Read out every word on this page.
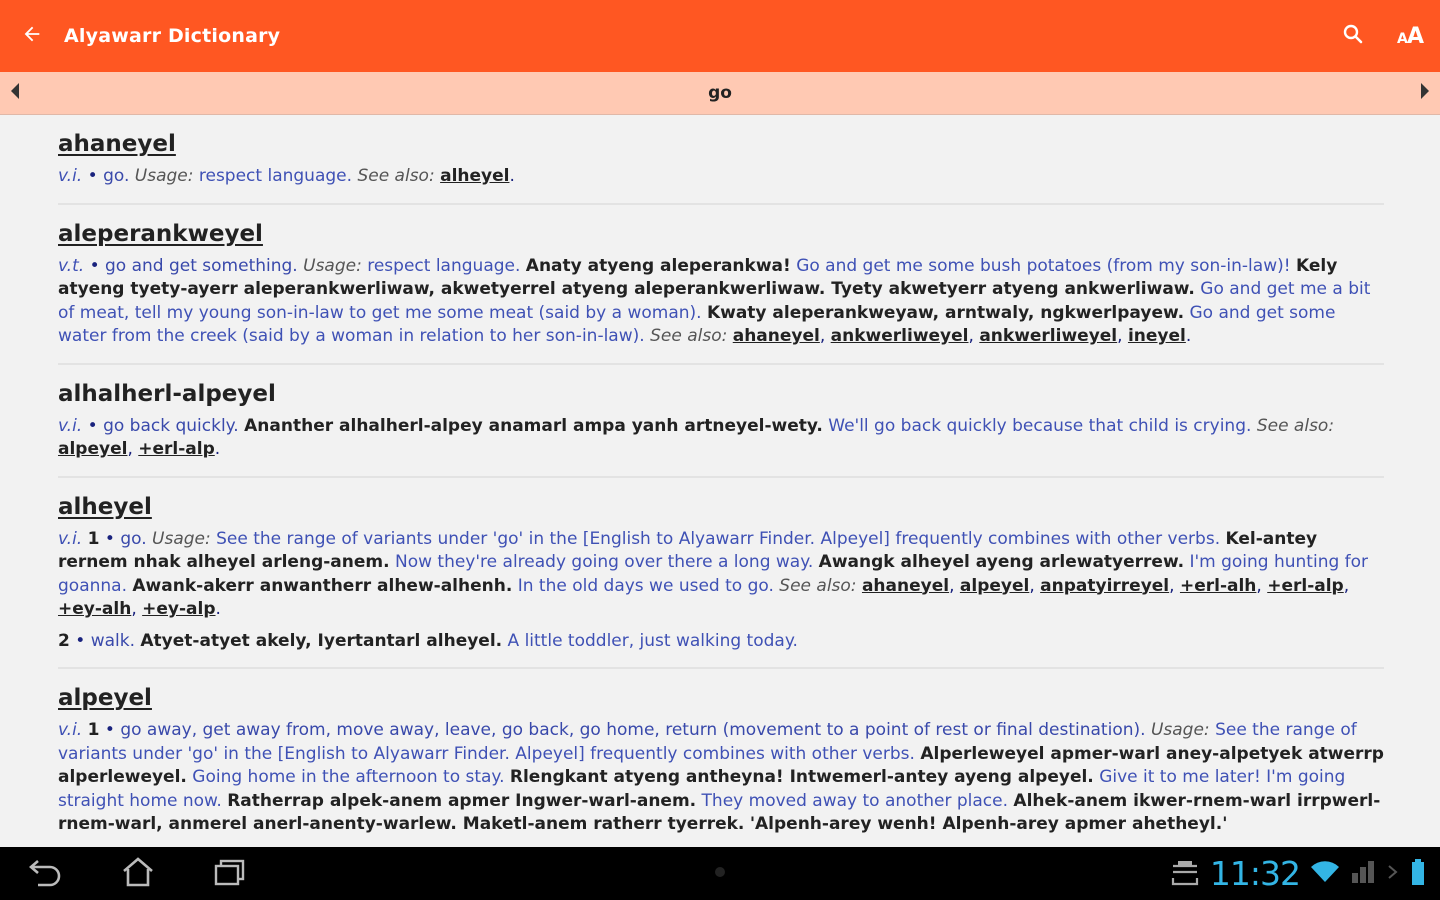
Alyawarr Dictionary	A A
go
ahaneyel

v.i. • go. Usage: respect language. See also: alheyel.

aleperankweyel

v.t. • go and get something. Usage: respect language. Anaty atyeng aleperankwa! Go and get me some bush potatoes (from my son-in-law)! Kely atyeng tyety-ayerr aleperankwerliwaw, akwetyerrel atyeng aleperankwerliwaw. Tyety akwetyerr atyeng ankwerliwaw. Go and get me a bit of meat, tell my young son-in-law to get me some meat (said by a woman). Kwaty aleperankweyaw, arntwaly, ngkwerlpayew. Go and get some water from the creek (said by a woman in relation to her son-in-law). See also: ahaneyel, ankwerliweyel, ankwerliweyel, ineyel.

alhalherl-alpeyel

v.i. • go back quickly. Ananther alhalherl-alpey anamarl ampa yanh artneyel-wety. We'll go back quickly because that child is crying. See also: alpeyel, +erl-alp.

alheyel

v.i. 1 • go. Usage: See the range of variants under 'go' in the [English to Alyawarr Finder. Alpeyel] frequently combines with other verbs. Kel-antey rernem nhak alheyel arleng-anem. Now they're already going over there a long way. Awangk alheyel ayeng arlewatyerrew. I'm going hunting for goanna. Awank-akerr anwantherr alhew-alhenh. In the old days we used to go. See also: ahaneyel, alpeyel, anpatyirreyel, +erl-alh, +erl-alp, +ey-alh, +ey-alp.

2 • walk. Atyet-atyet akely, Iyertantarl alheyel. A little toddler, just walking today.

alpeyel

v.i. 1 • go away, get away from, move away, leave, go back, go home, return (movement to a point of rest or final destination). Usage: See the range of variants under 'go' in the [English to Alyawarr Finder. Alpeyel] frequently combines with other verbs. Alperleweyel apmer-warl aney-alpetyek atwerrp alperleweyel. Going home in the afternoon to stay. Rlengkant atyeng antheyna! Intwemerl-antey ayeng alpeyel. Give it to me later! I'm going straight home now. Ratherrap alpek-anem apmer Ingwer-warl-anem. They moved away to another place. Alhek-anem ikwer-rnem-warl irrpwerl-rnem-warl, anmerel anerl-anenty-warlew. Maketl-anem ratherr tyerrek. 'Alpenh-arey wenh! Alpenh-arey apmer ahetheyl.'

11:32
